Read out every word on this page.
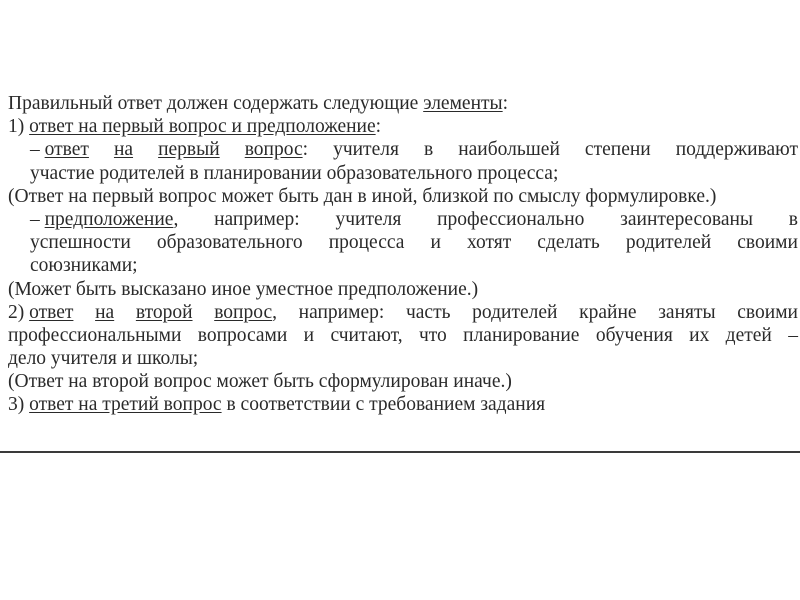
Правильный ответ должен содержать следующие элементы:
1) ответ на первый вопрос и предположение:
– ответ на первый вопрос: учителя в наибольшей степени поддерживают
участие родителей в планировании образовательного процесса;
(Ответ на первый вопрос может быть дан в иной, близкой по смыслу формулировке.)
– предположение, например: учителя профессионально заинтересованы в
успешности образовательного процесса и хотят сделать родителей своими
союзниками;
(Может быть высказано иное уместное предположение.)
2) ответ на второй вопрос, например: часть родителей крайне заняты своими
профессиональными вопросами и считают, что планирование обучения их детей –
дело учителя и школы;
(Ответ на второй вопрос может быть сформулирован иначе.)
3) ответ на третий вопрос в соответствии с требованием задания
